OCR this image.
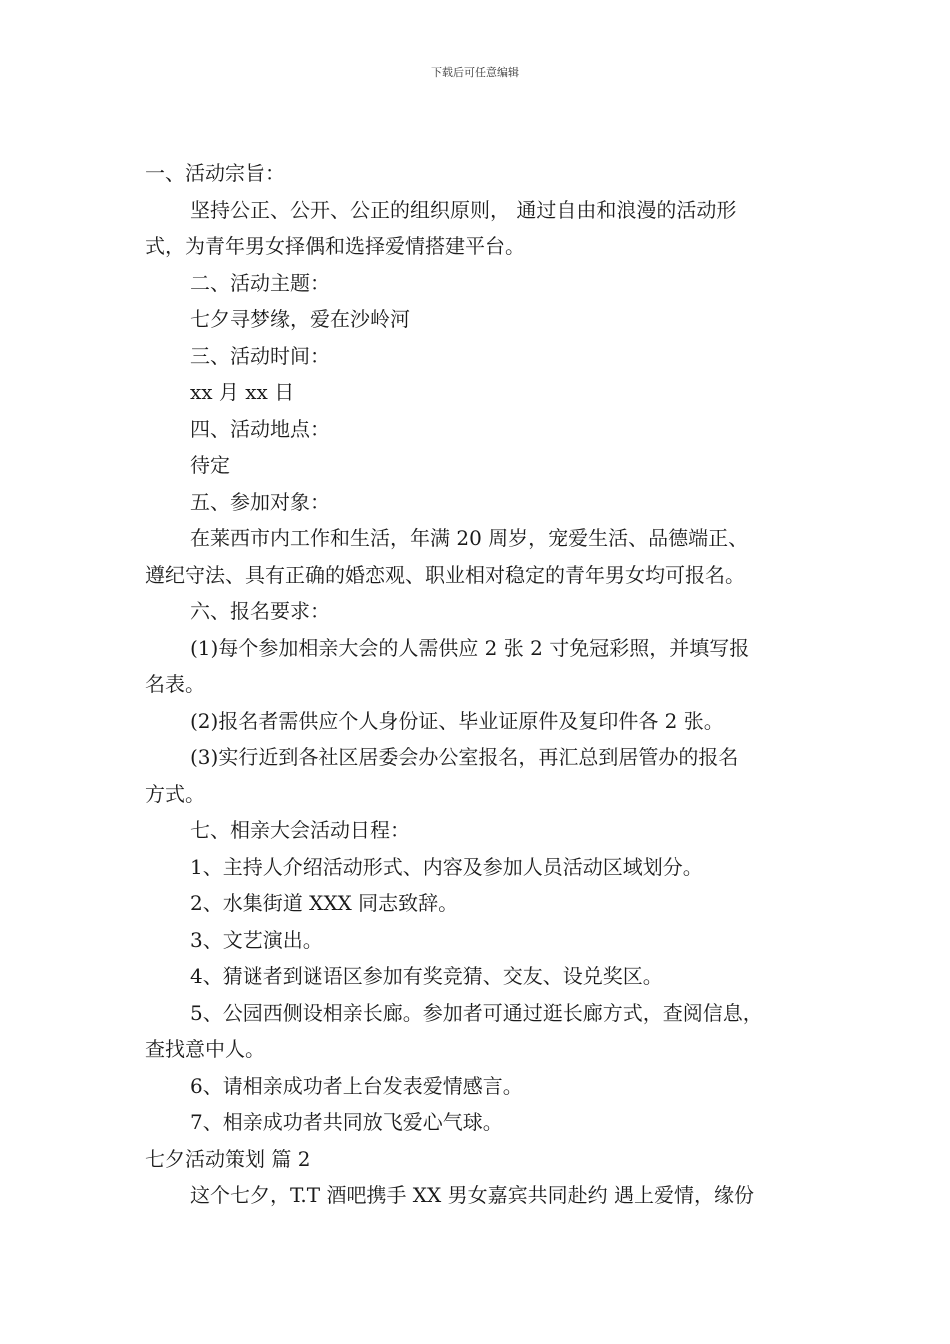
下载后可任意编辑

一、活动宗旨：

坚持公正、公开、公正的组织原则， 通过自由和浪漫的活动形

式，为青年男女择偶和选择爱情搭建平台。

二、活动主题：

七夕寻梦缘，爱在沙岭河

三、活动时间：

xx 月 xx 日

四、活动地点：

待定

五、参加对象：

在莱西市内工作和生活，年满 20 周岁，宠爱生活、品德端正、

遵纪守法、具有正确的婚恋观、职业相对稳定的青年男女均可报名。

六、报名要求：

(1)每个参加相亲大会的人需供应 2 张 2 寸免冠彩照，并填写报

名表。

(2)报名者需供应个人身份证、毕业证原件及复印件各 2 张。

(3)实行近到各社区居委会办公室报名，再汇总到居管办的报名

方式。

七、相亲大会活动日程：

1、主持人介绍活动形式、内容及参加人员活动区域划分。

2、水集街道 XXX 同志致辞。

3、文艺演出。

4、猜谜者到谜语区参加有奖竞猜、交友、设兑奖区。

5、公园西侧设相亲长廊。参加者可通过逛长廊方式，查阅信息，

查找意中人。

6、请相亲成功者上台发表爱情感言。

7、相亲成功者共同放飞爱心气球。

七夕活动策划 篇 2

这个七夕，T.T 酒吧携手 XX 男女嘉宾共同赴约 遇上爱情，缘份
